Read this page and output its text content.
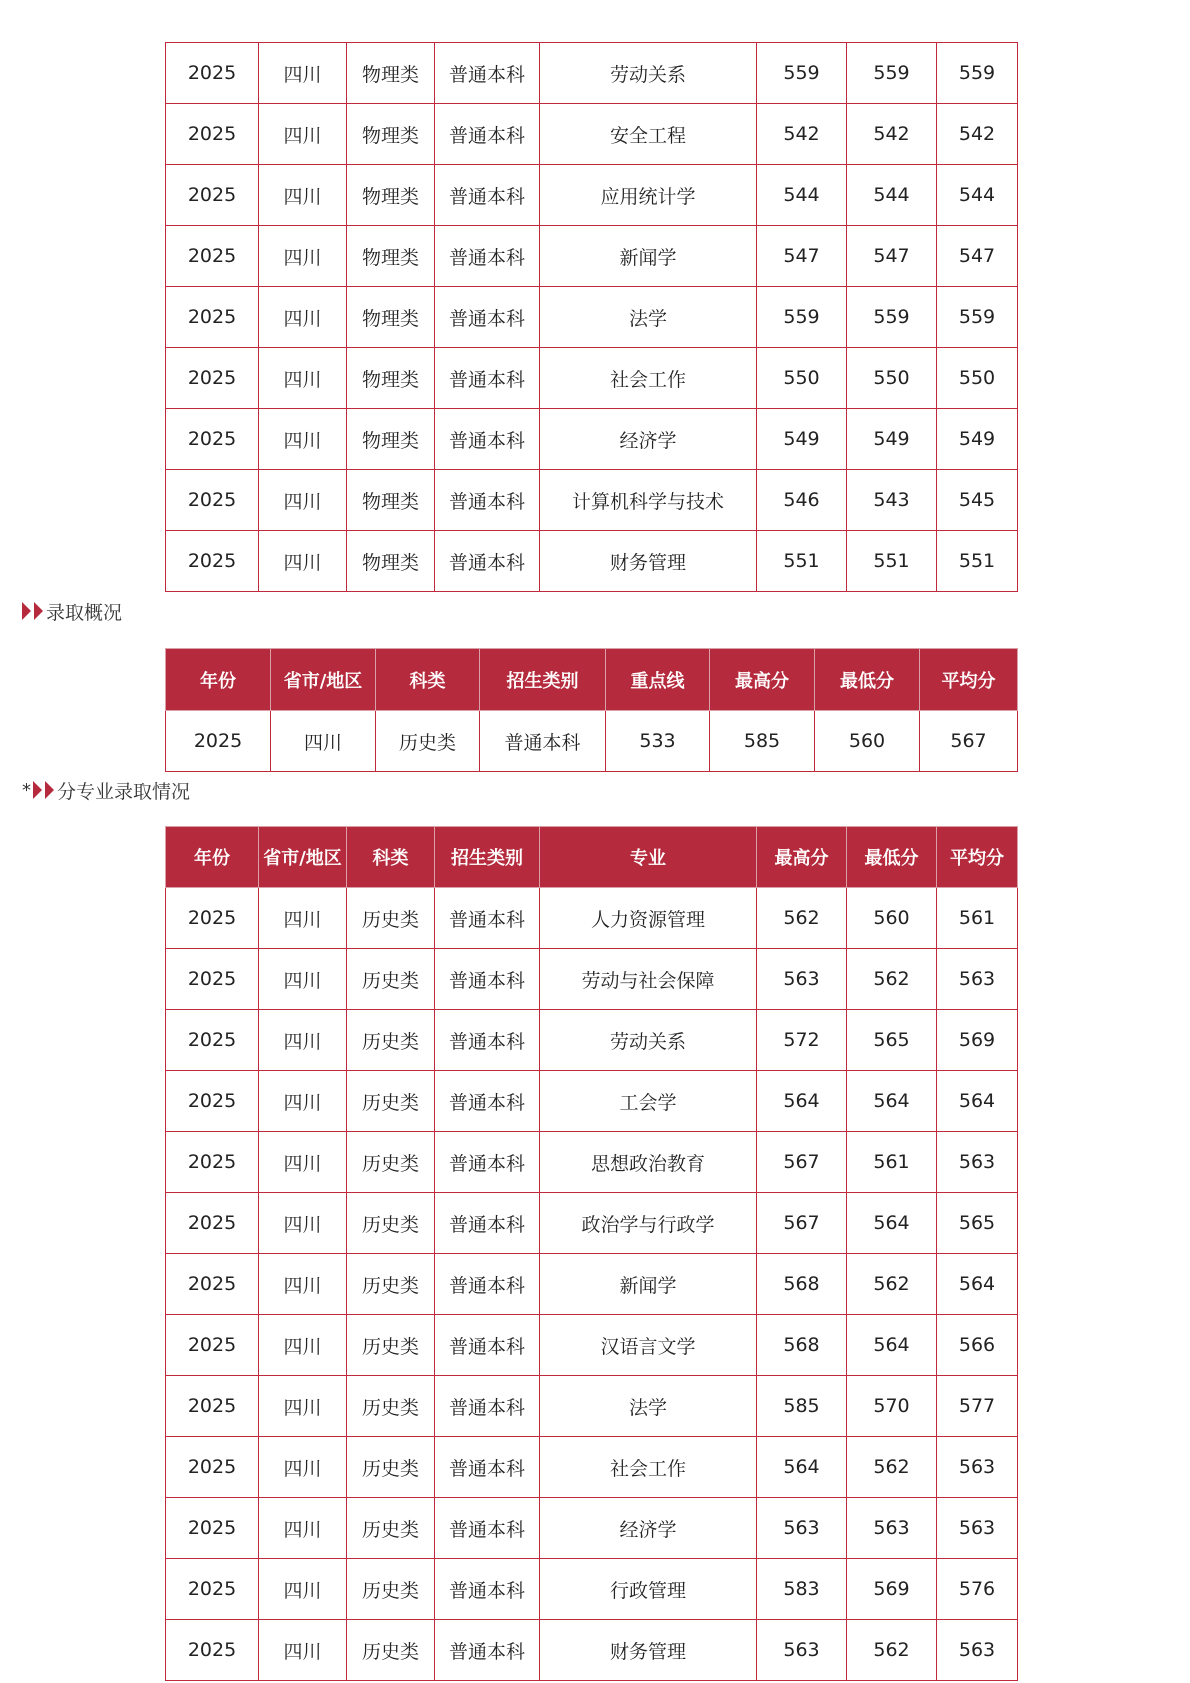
2025	四川	物理类	普通本科	劳动关系	559	559	559
2025	四川	物理类	普通本科	安全工程	542	542	542
2025	四川	物理类	普通本科	应用统计学	544	544	544
2025	四川	物理类	普通本科	新闻学	547	547	547
2025	四川	物理类	普通本科	法学	559	559	559
2025	四川	物理类	普通本科	社会工作	550	550	550
2025	四川	物理类	普通本科	经济学	549	549	549
2025	四川	物理类	普通本科	计算机科学与技术	546	543	545
2025	四川	物理类	普通本科	财务管理	551	551	551
录取概况
年份	省市/地区	科类	招生类别	重点线	最高分	最低分	平均分
2025	四川	历史类	普通本科	533	585	560	567
* 分专业录取情况
年份	省市/地区	科类	招生类别	专业	最高分	最低分	平均分
2025	四川	历史类	普通本科	人力资源管理	562	560	561
2025	四川	历史类	普通本科	劳动与社会保障	563	562	563
2025	四川	历史类	普通本科	劳动关系	572	565	569
2025	四川	历史类	普通本科	工会学	564	564	564
2025	四川	历史类	普通本科	思想政治教育	567	561	563
2025	四川	历史类	普通本科	政治学与行政学	567	564	565
2025	四川	历史类	普通本科	新闻学	568	562	564
2025	四川	历史类	普通本科	汉语言文学	568	564	566
2025	四川	历史类	普通本科	法学	585	570	577
2025	四川	历史类	普通本科	社会工作	564	562	563
2025	四川	历史类	普通本科	经济学	563	563	563
2025	四川	历史类	普通本科	行政管理	583	569	576
2025	四川	历史类	普通本科	财务管理	563	562	563
